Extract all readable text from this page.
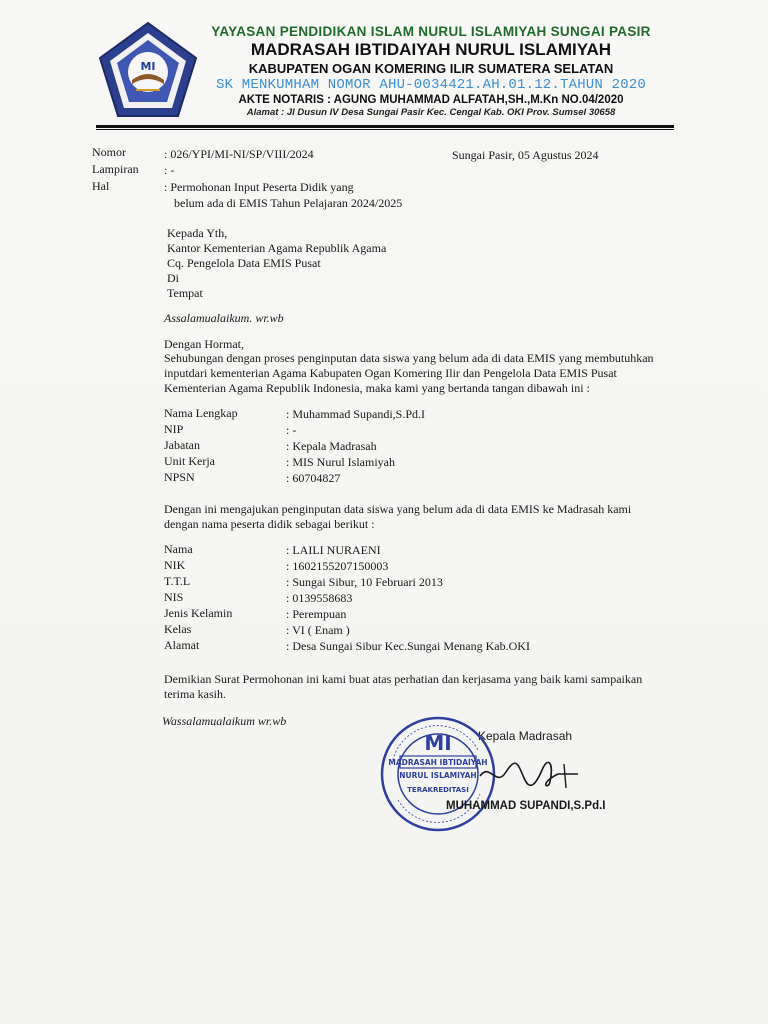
MI
YAYASAN PENDIDIKAN ISLAM NURUL ISLAMIYAH SUNGAI PASIR
MADRASAH IBTIDAIYAH NURUL ISLAMIYAH
KABUPATEN OGAN KOMERING ILIR SUMATERA SELATAN
SK MENKUMHAM NOMOR AHU-0034421.AH.01.12.TAHUN 2020
AKTE NOTARIS : AGUNG MUHAMMAD ALFATAH,SH.,M.Kn NO.04/2020
Alamat : Jl Dusun IV Desa Sungai Pasir Kec. Cengal Kab. OKI Prov. Sumsel 30658
Nomor	: 026/YPI/MI-NI/SP/VIII/2024	Sungai Pasir, 05 Agustus 2024
Lampiran : -
Hal	: Permohonan Input Peserta Didik yang
belum ada di EMIS Tahun Pelajaran 2024/2025
Kepada Yth,
Kantor Kementerian Agama Republik Agama
Cq. Pengelola Data EMIS Pusat
Di
Tempat
Assalamualaikum. wr.wb
Dengan Hormat,
Sehubungan dengan proses penginputan data siswa yang belum ada di data EMIS yang membutuhkan
inputdari kementerian Agama Kabupaten Ogan Komering Ilir dan Pengelola Data EMIS Pusat
Kementerian Agama Republik Indonesia, maka kami yang bertanda tangan dibawah ini :
Nama Lengkap	: Muhammad Supandi,S.Pd.I
NIP	: -
Jabatan	: Kepala Madrasah
Unit Kerja	: MIS Nurul Islamiyah
NPSN	: 60704827
Dengan ini mengajukan penginputan data siswa yang belum ada di data EMIS ke Madrasah kami
dengan nama peserta didik sebagai berikut :
Nama	: LAILI NURAENI
NIK	: 1602155207150003
T.T.L	: Sungai Sibur, 10 Februari 2013
NIS	: 0139558683
Jenis Kelamin	: Perempuan
Kelas	: VI ( Enam )
Alamat	: Desa Sungai Sibur Kec.Sungai Menang Kab.OKI
Demikian Surat Permohonan ini kami buat atas perhatian dan kerjasama yang baik kami sampaikan
terima kasih.
Wassalamualaikum wr.wb
Kepala Madrasah
MI
MADRASAH IBTIDAIYAH
NURUL ISLAMIYAH
TERAKREDITASI
MUHAMMAD SUPANDI,S.Pd.I
